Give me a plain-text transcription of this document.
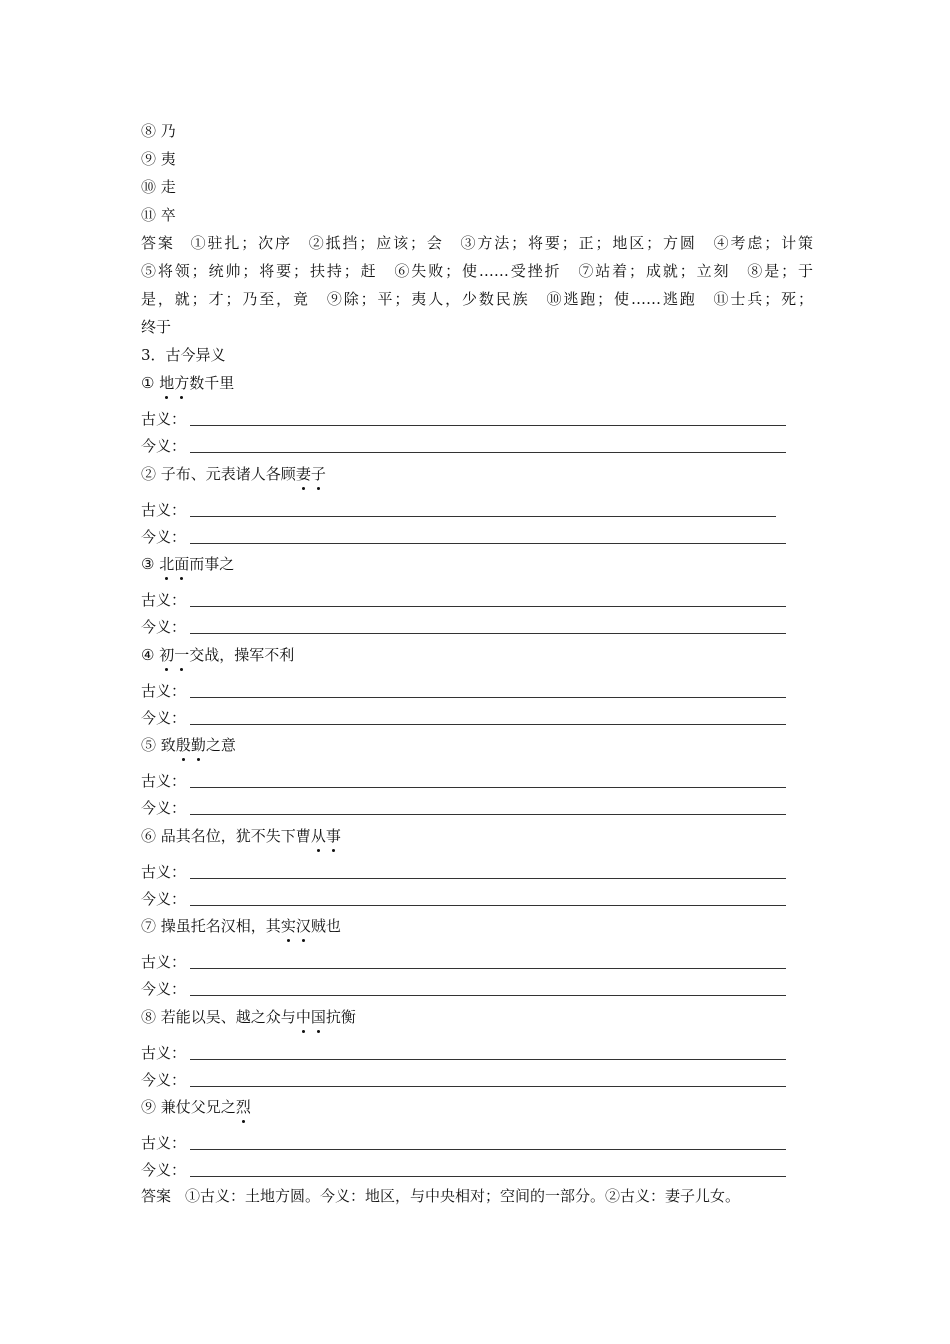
⑧ 乃
⑨ 夷
⑩ 走
⑪ 卒
答案 ①驻扎；次序　②抵挡；应该；会　③方法；将要；正；地区；方圆　④考虑；计策
⑤将领；统帅；将要；扶持；赶　⑥失败；使……受挫折　⑦站着；成就；立刻　⑧是；于
是，就；才；乃至，竟　⑨除；平；夷人，少数民族　⑩逃跑；使……逃跑　⑪士兵；死；
终于
3．古今异义
① 地方数千里
古义：
今义：
② 子布、元表诸人各顾妻子
古义：
今义：
③ 北面而事之
古义：
今义：
④ 初一交战，操军不利
古义：
今义：
⑤ 致殷勤之意
古义：
今义：
⑥ 品其名位，犹不失下曹从事
古义：
今义：
⑦ 操虽托名汉相，其实汉贼也
古义：
今义：
⑧ 若能以吴、越之众与中国抗衡
古义：
今义：
⑨ 兼仗父兄之烈
古义：
今义：
答案 ①古义：土地方圆。今义：地区，与中央相对；空间的一部分。②古义：妻子儿女。
